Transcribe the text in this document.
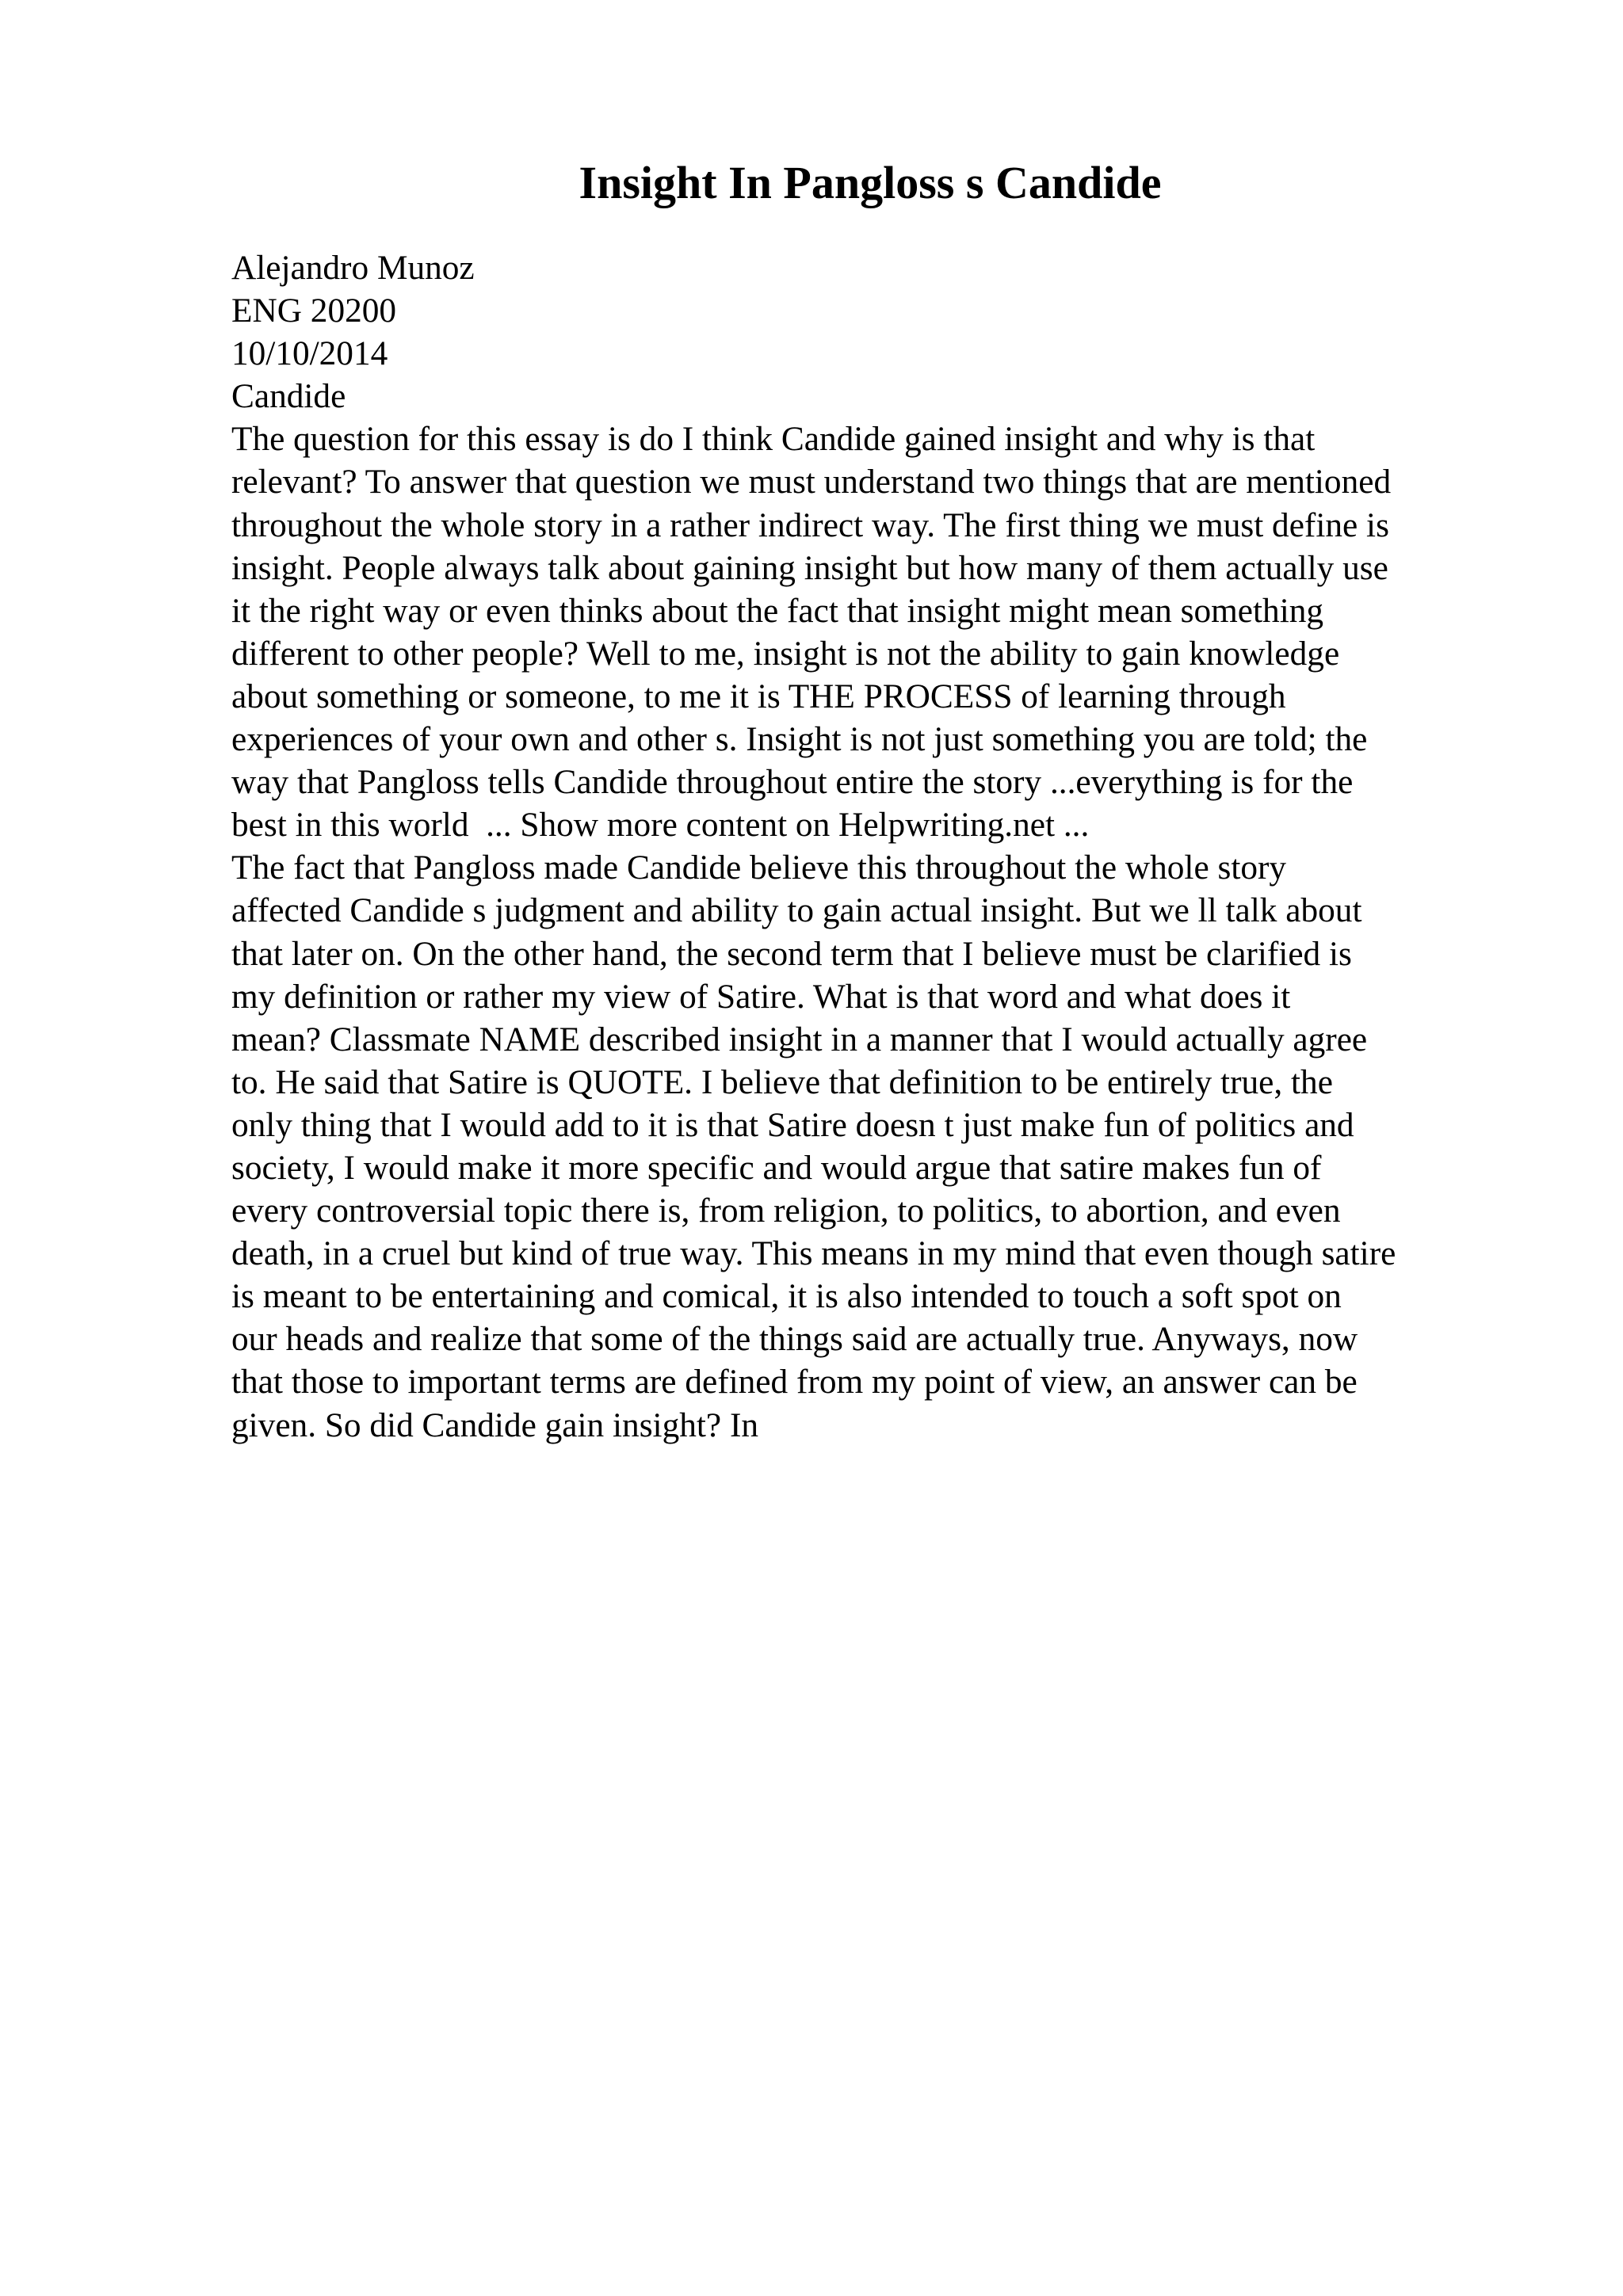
Insight In Pangloss s Candide
Alejandro Munoz
ENG 20200
10/10/2014
Candide
The question for this essay is do I think Candide gained insight and why is that
relevant? To answer that question we must understand two things that are mentioned
throughout the whole story in a rather indirect way. The first thing we must define is
insight. People always talk about gaining insight but how many of them actually use
it the right way or even thinks about the fact that insight might mean something
different to other people? Well to me, insight is not the ability to gain knowledge
about something or someone, to me it is THE PROCESS of learning through
experiences of your own and other s. Insight is not just something you are told; the
way that Pangloss tells Candide throughout entire the story ...everything is for the
best in this world  ... Show more content on Helpwriting.net ...
The fact that Pangloss made Candide believe this throughout the whole story
affected Candide s judgment and ability to gain actual insight. But we ll talk about
that later on. On the other hand, the second term that I believe must be clarified is
my definition or rather my view of Satire. What is that word and what does it
mean? Classmate NAME described insight in a manner that I would actually agree
to. He said that Satire is QUOTE. I believe that definition to be entirely true, the
only thing that I would add to it is that Satire doesn t just make fun of politics and
society, I would make it more specific and would argue that satire makes fun of
every controversial topic there is, from religion, to politics, to abortion, and even
death, in a cruel but kind of true way. This means in my mind that even though satire
is meant to be entertaining and comical, it is also intended to touch a soft spot on
our heads and realize that some of the things said are actually true. Anyways, now
that those to important terms are defined from my point of view, an answer can be
given. So did Candide gain insight? In
